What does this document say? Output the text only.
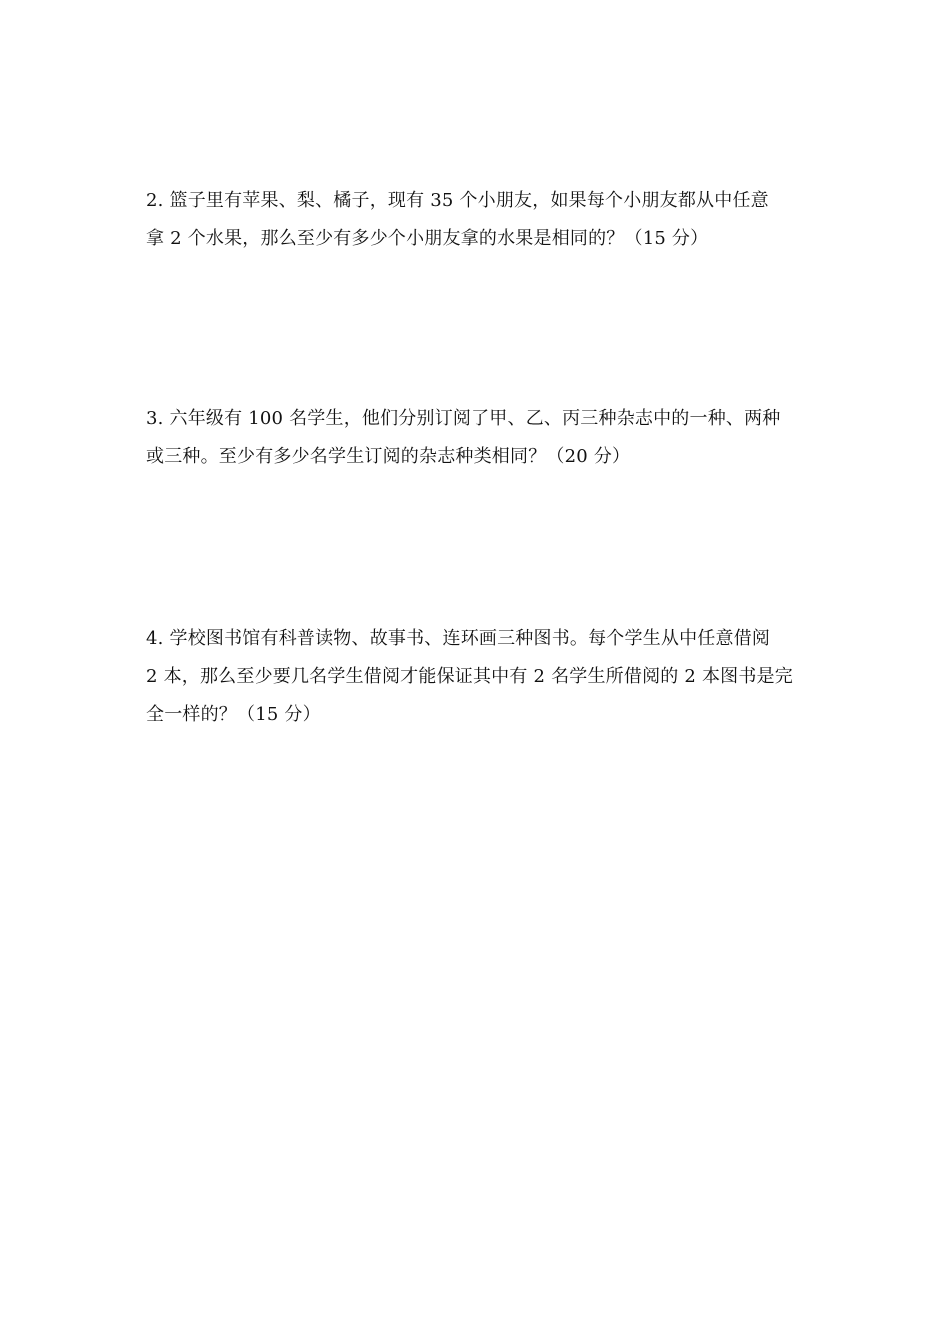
2. 篮子里有苹果、梨、橘子，现有 35 个小朋友，如果每个小朋友都从中任意
拿 2 个水果，那么至少有多少个小朋友拿的水果是相同的？（15 分）
3. 六年级有 100 名学生，他们分别订阅了甲、乙、丙三种杂志中的一种、两种
或三种。至少有多少名学生订阅的杂志种类相同？（20 分）
4. 学校图书馆有科普读物、故事书、连环画三种图书。每个学生从中任意借阅
2 本，那么至少要几名学生借阅才能保证其中有 2 名学生所借阅的 2 本图书是完
全一样的？（15 分）
